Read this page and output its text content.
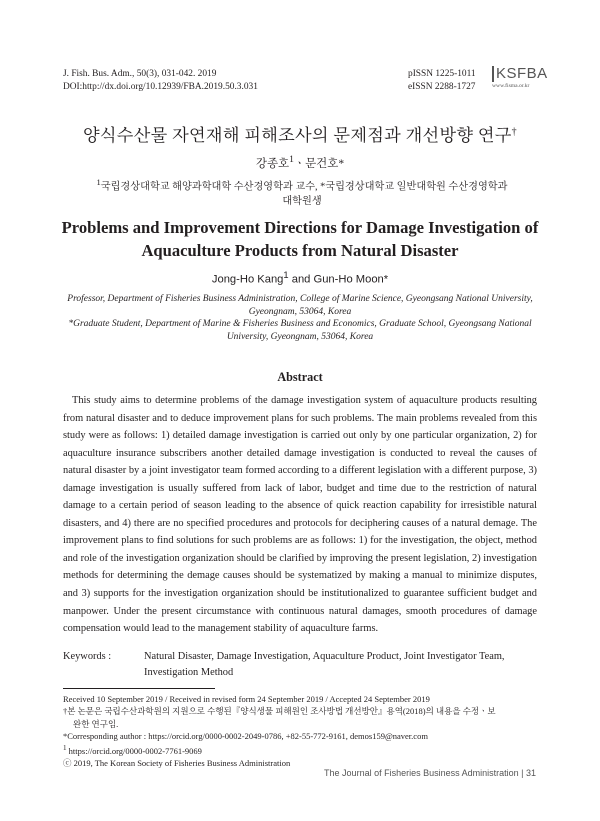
J. Fish. Bus. Adm., 50(3), 031-042. 2019
DOI:http://dx.doi.org/10.12939/FBA.2019.50.3.031
pISSN 1225-1011
eISSN 2288-1727
KSFBA
www.fisma.or.kr
양식수산물 자연재해 피해조사의 문제점과 개선방향 연구†
강종호$^1$ㆍ문건호*
$^1$국립경상대학교 해양과학대학 수산경영학과 교수, *국립경상대학교 일반대학원 수산경영학과 대학원생
Problems and Improvement Directions for Damage Investigation of
Aquaculture Products from Natural Disaster
Jong-Ho Kang$^1$ and Gun-Ho Moon*
Professor, Department of Fisheries Business Administration, College of Marine Science, Gyeongsang National University, Gyeongnam, 53064, Korea
*Graduate Student, Department of Marine & Fisheries Business and Economics, Graduate School, Gyeongsang National University, Gyeongnam, 53064, Korea
Abstract
This study aims to determine problems of the damage investigation system of aquaculture products resulting from natural disaster and to deduce improvement plans for such problems. The main problems revealed from this study were as follows: 1) detailed damage investigation is carried out only by one particular organization, 2) for aquaculture insurance subscribers another detailed damage investigation is conducted to reveal the causes of natural disaster by a joint investigator team formed according to a different legislation with a different purpose, 3) damage investigation is usually suffered from lack of labor, budget and time due to the restriction of natural damage to a certain period of season leading to the absence of quick reaction capability for irresistible natural disasters, and 4) there are no specified procedures and protocols for deciphering causes of a natural demage. The improvement plans to find solutions for such problems are as follows: 1) for the investigation, the object, method and role of the investigation organization should be clarified by improving the present legislation, 2) investigation methods for determining the demage causes should be systematized by making a manual to minimize disputes, and 3) supports for the investigation organization should be institutionalized to guarantee sufficient budget and manpower. Under the present circumstance with continuous natural damages, smooth procedures of damage compensation would lead to the management stability of aquaculture farms.
Keywords :	Natural Disaster, Damage Investigation, Aquaculture Product, Joint Investigator Team, Investigation Method
Received 10 September 2019 / Received in revised form 24 September 2019 / Accepted 24 September 2019
†본 논문은 국립수산과학원의 지원으로 수행된『양식생물 피해원인 조사방법 개선방안』용역(2018)의 내용을 수정ㆍ보
완한 연구임.
*Corresponding author : https://orcid.org/0000-0002-2049-0786, +82-55-772-9161, demos159@naver.com
$^1$ https://orcid.org/0000-0002-7761-9069
ⓒ 2019, The Korean Society of Fisheries Business Administration
The Journal of Fisheries Business Administration | 31
